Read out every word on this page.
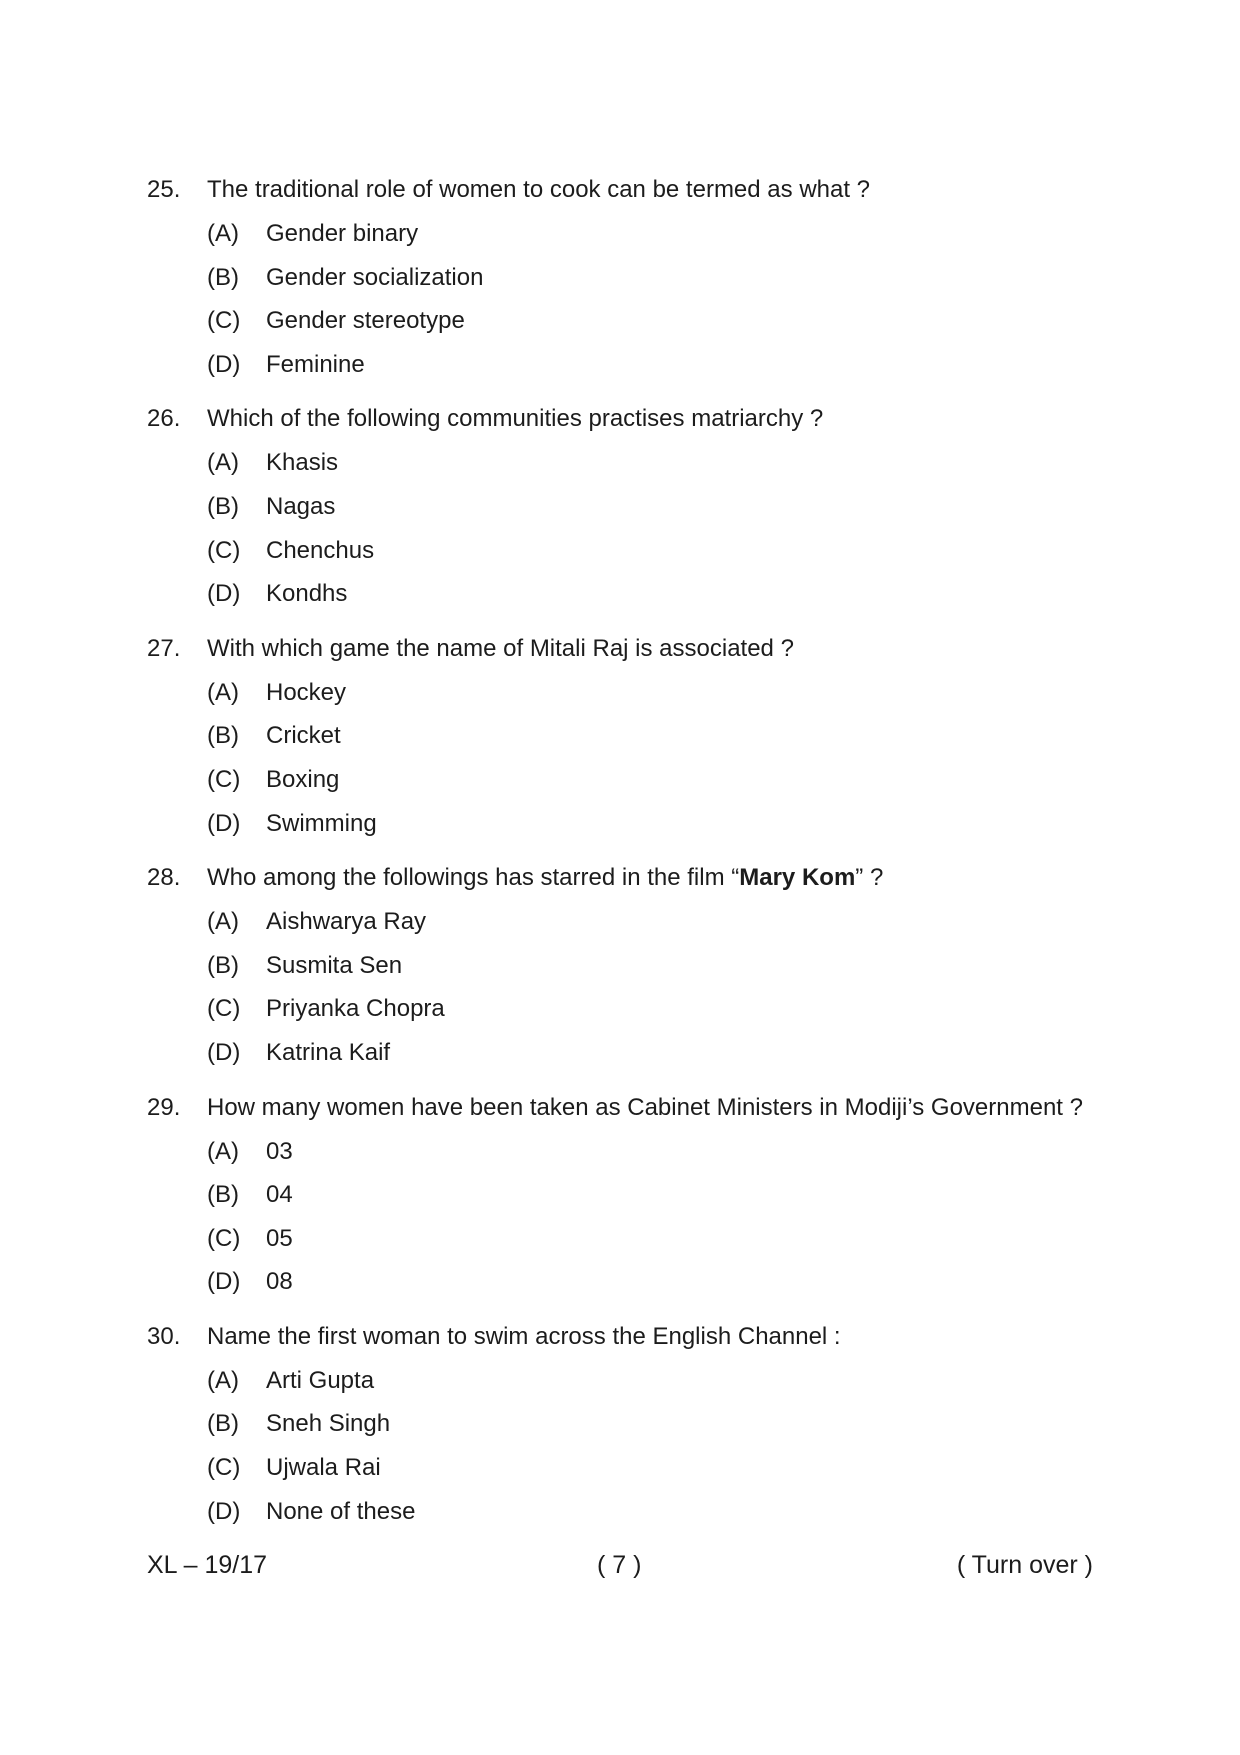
25.	The traditional role of women to cook can be termed as what ?
(A)	Gender binary
(B)	Gender socialization
(C)	Gender stereotype
(D)	Feminine
26.	Which of the following communities practises matriarchy ?
(A)	Khasis
(B)	Nagas
(C)	Chenchus
(D)	Kondhs
27.	With which game the name of Mitali Raj is associated ?
(A)	Hockey
(B)	Cricket
(C)	Boxing
(D)	Swimming
28.	Who among the followings has starred in the film “Mary Kom” ?
(A)	Aishwarya Ray
(B)	Susmita Sen
(C)	Priyanka Chopra
(D)	Katrina Kaif
29.	How many women have been taken as Cabinet Ministers in Modiji’s Government ?
(A)	03
(B)	04
(C)	05
(D)	08
30.	Name the first woman to swim across the English Channel :
(A)	Arti Gupta
(B)	Sneh Singh
(C)	Ujwala Rai
(D)	None of these
XL – 19/17	( 7 )	( Turn over )
